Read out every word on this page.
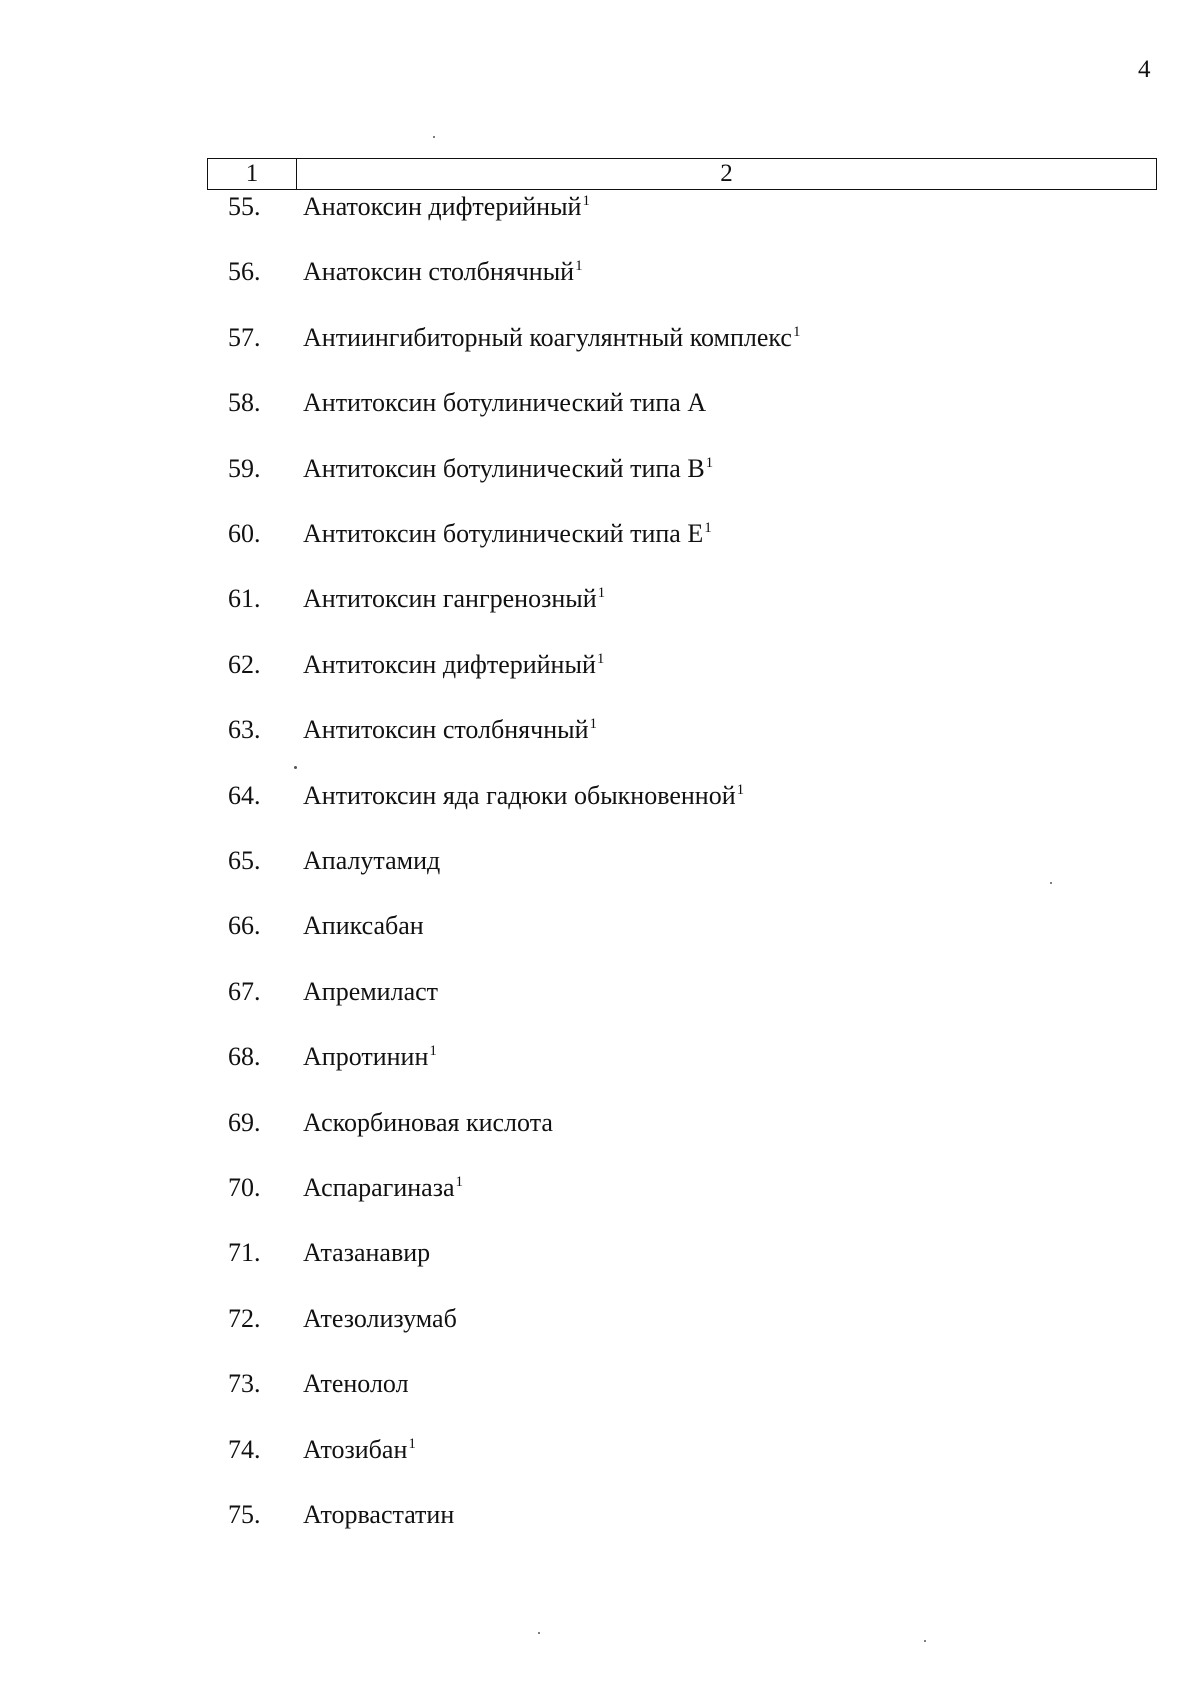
4
1	2
55.	Анатоксин дифтерийный$^1$
56.	Анатоксин столбнячный$^1$
57.	Антиингибиторный коагулянтный комплекс$^1$
58.	Антитоксин ботулинический типа А
59.	Антитоксин ботулинический типа $В^1$
60.	Антитоксин ботулинический типа $Е^1$
61.	Антитоксин гангренозный$^1$
62.	Антитоксин дифтерийный$^1$
63.	Антитоксин столбнячный$^1$
64.	Антитоксин яда гадюки обыкновенной$^1$
65.	Апалутамид
66.	Апиксабан
67.	Апремиласт
68.	Апротинин$^1$
69.	Аскорбиновая кислота
70.	Аспарагиназа$^1$
71.	Атазанавир
72.	Атезолизумаб
73.	Атенолол
74.	Атозибан$^1$
75.	Аторвастатин
